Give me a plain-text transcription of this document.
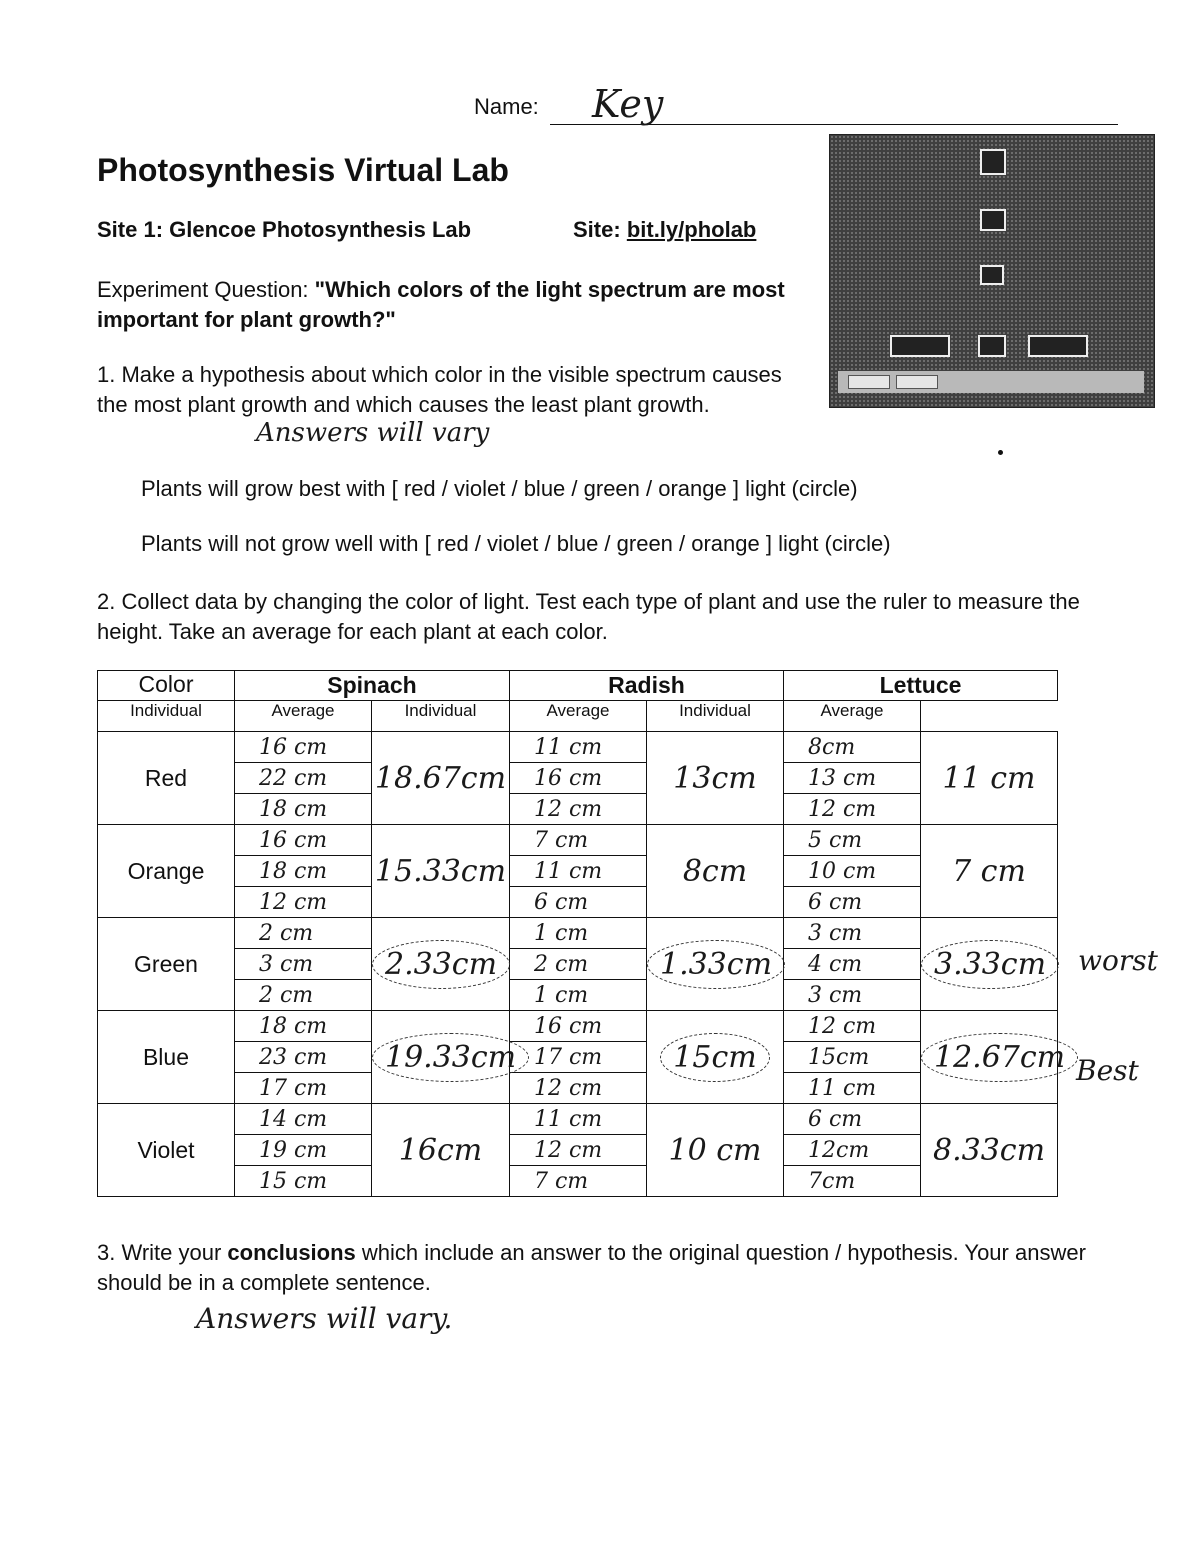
Name: Key
Photosynthesis Virtual Lab
Site 1: Glencoe Photosynthesis Lab	Site: bit.ly/pholab
Experiment Question: "Which colors of the light spectrum are most important for plant growth?"
1. Make a hypothesis about which color in the visible spectrum causes the most plant growth and which causes the least plant growth.
Answers will vary
Plants will grow best with [ red / violet / blue / green / orange ] light (circle)
Plants will not grow well with [ red / violet / blue / green / orange ] light (circle)
2. Collect data by changing the color of light. Test each type of plant and use the ruler to measure the height. Take an average for each plant at each color.
Color	Spinach		Radish		Lettuce	
Individual	Average	Individual	Average	Individual	Average	
Red	16 cm	18.67cm	11 cm	13cm	8cm	11 cm
	22 cm		16 cm		13 cm	
	18 cm		12 cm		12 cm	
Orange	16 cm	15.33cm	7 cm	8cm	5 cm	7 cm
	18 cm		11 cm		10 cm	
	12 cm		6 cm		6 cm	
Green	2 cm	2.33cm	1 cm	1.33cm	3 cm	3.33cm
	3 cm		2 cm		4 cm	
	2 cm		1 cm		3 cm	
Blue	18 cm	19.33cm	16 cm	15cm	12 cm	12.67cm
	23 cm		17 cm		15cm	
	17 cm		12 cm		11 cm	
Violet	14 cm	16cm	11 cm	10 cm	6 cm	8.33cm
	19 cm		12 cm		12cm	
	15 cm		7 cm		7cm	
worst
Best
3. Write your conclusions which include an answer to the original question / hypothesis. Your answer should be in a complete sentence.
Answers will vary.
